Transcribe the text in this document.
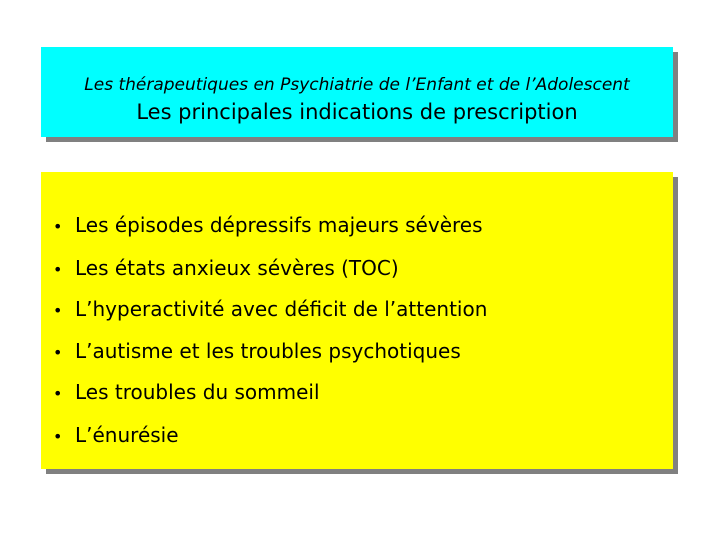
Les thérapeutiques en Psychiatrie de l’Enfant et de l’Adolescent
Les principales indications de prescription
• Les épisodes dépressifs majeurs sévères
• Les états anxieux sévères (TOC)
• L’hyperactivité avec déficit de l’attention
• L’autisme et les troubles psychotiques
• Les troubles du sommeil
• L’énurésie
